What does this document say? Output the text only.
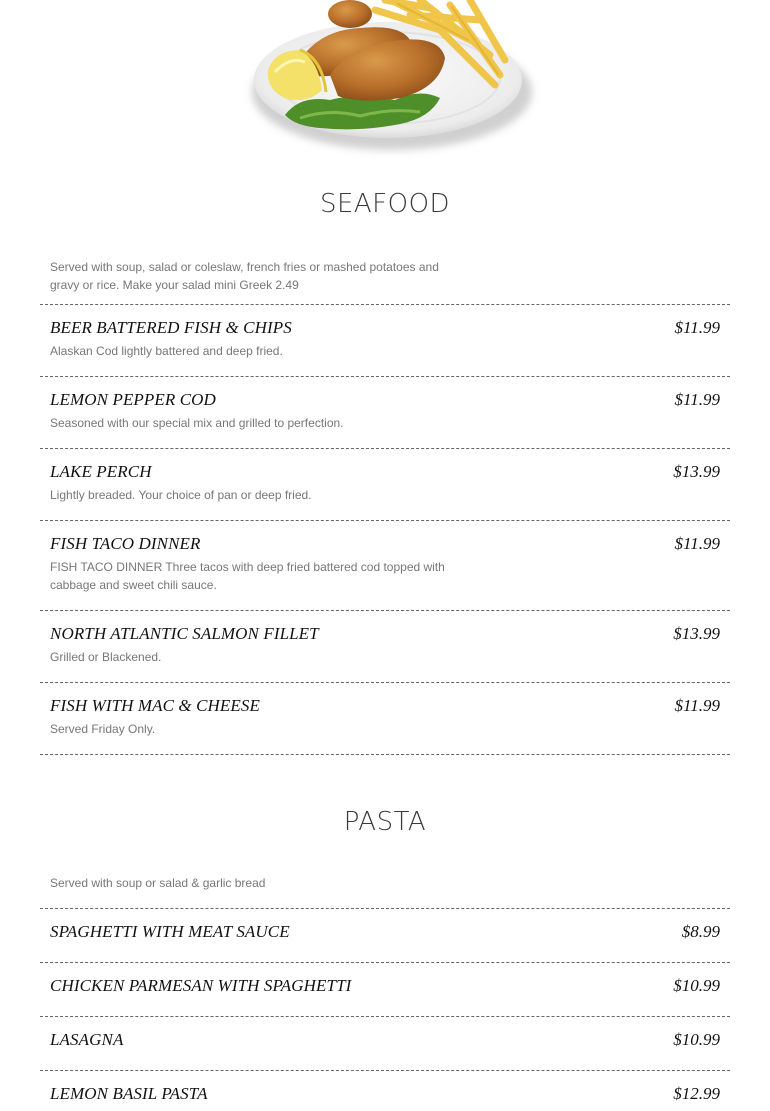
SEAFOOD
Served with soup, salad or coleslaw, french fries or mashed potatoes and gravy or rice. Make your salad mini Greek 2.49
BEER BATTERED FISH & CHIPS	$11.99
Alaskan Cod lightly battered and deep fried.
LEMON PEPPER COD	$11.99
Seasoned with our special mix and grilled to perfection.
LAKE PERCH	$13.99
Lightly breaded. Your choice of pan or deep fried.
FISH TACO DINNER	$11.99
FISH TACO DINNER Three tacos with deep fried battered cod topped with cabbage and sweet chili sauce.
NORTH ATLANTIC SALMON FILLET	$13.99
Grilled or Blackened.
FISH WITH MAC & CHEESE	$11.99
Served Friday Only.
PASTA
Served with soup or salad & garlic bread
SPAGHETTI WITH MEAT SAUCE	$8.99
CHICKEN PARMESAN WITH SPAGHETTI	$10.99
LASAGNA	$10.99
LEMON BASIL PASTA	$12.99
